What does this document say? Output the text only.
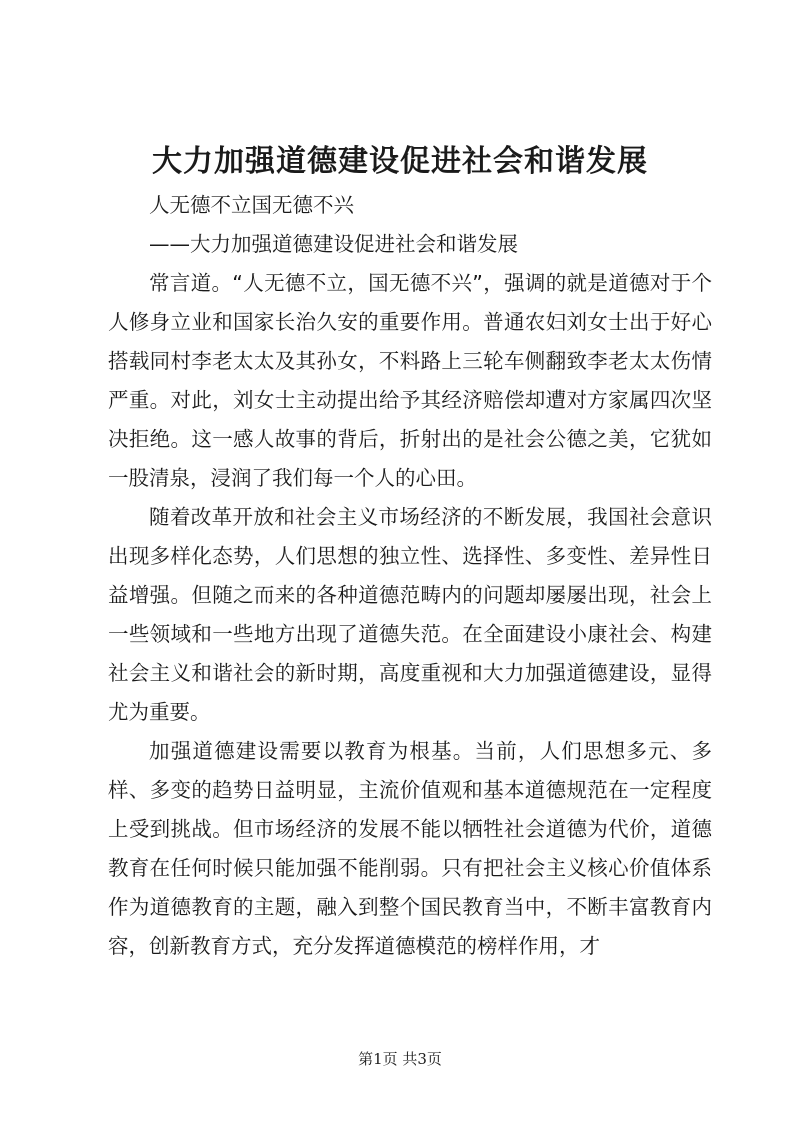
大力加强道德建设促进社会和谐发展

人无德不立国无德不兴

——大力加强道德建设促进社会和谐发展

常言道。“人无德不立，国无德不兴”，强调的就是道德对于个人修身立业和国家长治久安的重要作用。普通农妇刘女士出于好心搭载同村李老太太及其孙女，不料路上三轮车侧翻致李老太太伤情严重。对此，刘女士主动提出给予其经济赔偿却遭对方家属四次坚决拒绝。这一感人故事的背后，折射出的是社会公德之美，它犹如一股清泉，浸润了我们每一个人的心田。

随着改革开放和社会主义市场经济的不断发展，我国社会意识出现多样化态势，人们思想的独立性、选择性、多变性、差异性日益增强。但随之而来的各种道德范畴内的问题却屡屡出现，社会上一些领域和一些地方出现了道德失范。在全面建设小康社会、构建社会主义和谐社会的新时期，高度重视和大力加强道德建设，显得尤为重要。

加强道德建设需要以教育为根基。当前，人们思想多元、多样、多变的趋势日益明显，主流价值观和基本道德规范在一定程度上受到挑战。但市场经济的发展不能以牺牲社会道德为代价，道德教育在任何时候只能加强不能削弱。只有把社会主义核心价值体系作为道德教育的主题，融入到整个国民教育当中，不断丰富教育内容，创新教育方式，充分发挥道德模范的榜样作用，才

第1页 共3页
